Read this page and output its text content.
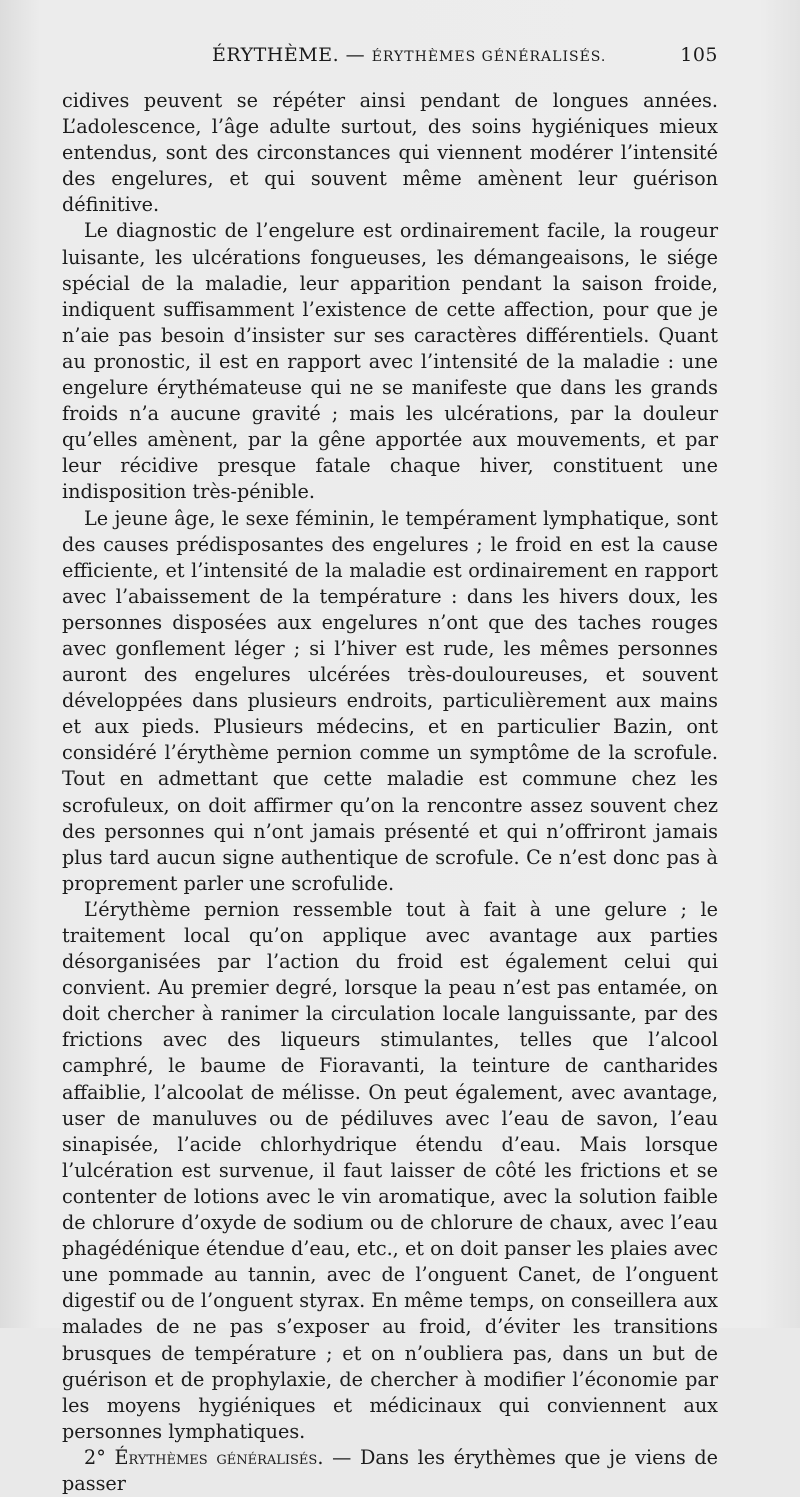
ÉRYTHÈME. — ÉRYTHÈMES GÉNÉRALISÉS.	105

cidives peuvent se répéter ainsi pendant de longues années. L’adolescence, l’âge adulte surtout, des soins hygiéniques mieux entendus, sont des circonstances qui viennent modérer l’intensité des engelures, et qui souvent même amènent leur guérison définitive.

Le diagnostic de l’engelure est ordinairement facile, la rougeur luisante, les ulcérations fongueuses, les démangeaisons, le siége spécial de la maladie, leur apparition pendant la saison froide, indiquent suffisamment l’existence de cette affection, pour que je n’aie pas besoin d’insister sur ses caractères différentiels. Quant au pronostic, il est en rapport avec l’intensité de la maladie : une engelure érythémateuse qui ne se manifeste que dans les grands froids n’a aucune gravité ; mais les ulcérations, par la douleur qu’elles amènent, par la gêne apportée aux mouvements, et par leur récidive presque fatale chaque hiver, constituent une indisposition très-pénible.

Le jeune âge, le sexe féminin, le tempérament lymphatique, sont des causes prédisposantes des engelures ; le froid en est la cause efficiente, et l’intensité de la maladie est ordinairement en rapport avec l’abaissement de la température : dans les hivers doux, les personnes disposées aux engelures n’ont que des taches rouges avec gonflement léger ; si l’hiver est rude, les mêmes personnes auront des engelures ulcérées très-douloureuses, et souvent développées dans plusieurs endroits, particulièrement aux mains et aux pieds. Plusieurs médecins, et en particulier Bazin, ont considéré l’érythème pernion comme un symptôme de la scrofule. Tout en admettant que cette maladie est commune chez les scrofuleux, on doit affirmer qu’on la rencontre assez souvent chez des personnes qui n’ont jamais présenté et qui n’offriront jamais plus tard aucun signe authentique de scrofule. Ce n’est donc pas à proprement parler une scrofulide.

L’érythème pernion ressemble tout à fait à une gelure ; le traitement local qu’on applique avec avantage aux parties désorganisées par l’action du froid est également celui qui convient. Au premier degré, lorsque la peau n’est pas entamée, on doit chercher à ranimer la circulation locale languissante, par des frictions avec des liqueurs stimulantes, telles que l’alcool camphré, le baume de Fioravanti, la teinture de cantharides affaiblie, l’alcoolat de mélisse. On peut également, avec avantage, user de manuluves ou de pédiluves avec l’eau de savon, l’eau sinapisée, l’acide chlorhydrique étendu d’eau. Mais lorsque l’ulcération est survenue, il faut laisser de côté les frictions et se contenter de lotions avec le vin aromatique, avec la solution faible de chlorure d’oxyde de sodium ou de chlorure de chaux, avec l’eau phagédénique étendue d’eau, etc., et on doit panser les plaies avec une pommade au tannin, avec de l’onguent Canet, de l’onguent digestif ou de l’onguent styrax. En même temps, on conseillera aux malades de ne pas s’exposer au froid, d’éviter les transitions brusques de température ; et on n’oubliera pas, dans un but de guérison et de prophylaxie, de chercher à modifier l’économie par les moyens hygiéniques et médicinaux qui conviennent aux personnes lymphatiques.

2° Érythèmes généralisés. — Dans les érythèmes que je viens de passer
